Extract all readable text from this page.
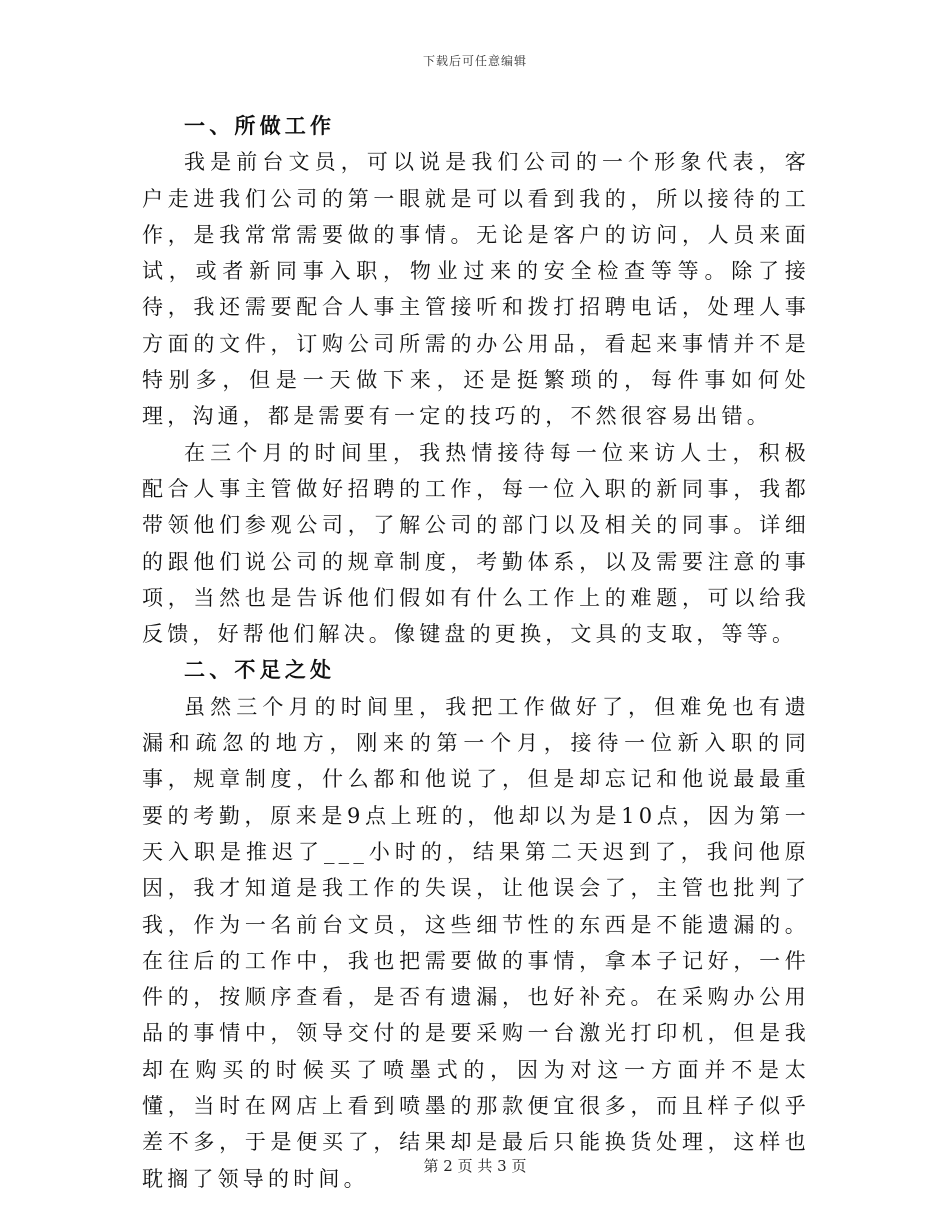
下载后可任意编辑
一、所做工作

我是前台文员，可以说是我们公司的一个形象代表，客户走进我们公司的第一眼就是可以看到我的，所以接待的工作，是我常常需要做的事情。无论是客户的访问，人员来面试，或者新同事入职，物业过来的安全检查等等。除了接待，我还需要配合人事主管接听和拨打招聘电话，处理人事方面的文件，订购公司所需的办公用品，看起来事情并不是特别多，但是一天做下来，还是挺繁琐的，每件事如何处理，沟通，都是需要有一定的技巧的，不然很容易出错。

在三个月的时间里，我热情接待每一位来访人士，积极配合人事主管做好招聘的工作，每一位入职的新同事，我都带领他们参观公司，了解公司的部门以及相关的同事。详细的跟他们说公司的规章制度，考勤体系，以及需要注意的事项，当然也是告诉他们假如有什么工作上的难题，可以给我反馈，好帮他们解决。像键盘的更换，文具的支取，等等。

二、不足之处

虽然三个月的时间里，我把工作做好了，但难免也有遗漏和疏忽的地方，刚来的第一个月，接待一位新入职的同事，规章制度，什么都和他说了，但是却忘记和他说最最重要的考勤，原来是9点上班的，他却以为是10点，因为第一天入职是推迟了___小时的，结果第二天迟到了，我问他原因，我才知道是我工作的失误，让他误会了，主管也批判了我，作为一名前台文员，这些细节性的东西是不能遗漏的。在往后的工作中，我也把需要做的事情，拿本子记好，一件件的，按顺序查看，是否有遗漏，也好补充。在采购办公用品的事情中，领导交付的是要采购一台激光打印机，但是我却在购买的时候买了喷墨式的，因为对这一方面并不是太懂，当时在网店上看到喷墨的那款便宜很多，而且样子似乎差不多，于是便买了，结果却是最后只能换货处理，这样也耽搁了领导的时间。

第 2 页 共 3 页
